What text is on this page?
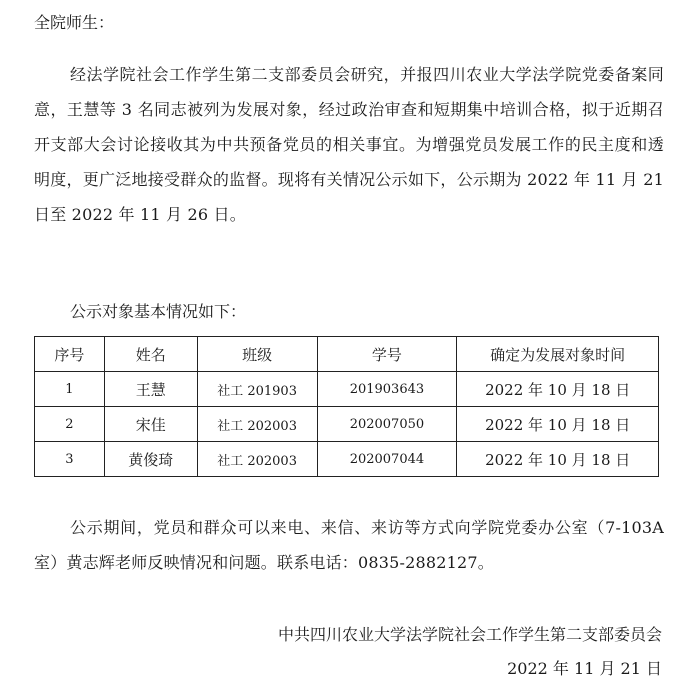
全院师生：

经法学院社会工作学生第二支部委员会研究，并报四川农业大学法学院党委备案同意，王慧等 3 名同志被列为发展对象，经过政治审查和短期集中培训合格，拟于近期召开支部大会讨论接收其为中共预备党员的相关事宜。为增强党员发展工作的民主度和透明度，更广泛地接受群众的监督。现将有关情况公示如下，公示期为 2022 年 11 月 21 日至 2022 年 11 月 26 日。

公示对象基本情况如下：
序号	姓名	班级	学号	确定为发展对象时间
1	王慧	社工 201903	201903643	2022 年 10 月 18 日
2	宋佳	社工 202003	202007050	2022 年 10 月 18 日
3	黄俊琦	社工 202003	202007044	2022 年 10 月 18 日

公示期间，党员和群众可以来电、来信、来访等方式向学院党委办公室（7-103A 室）黄志辉老师反映情况和问题。联系电话：0835-2882127。

中共四川农业大学法学院社会工作学生第二支部委员会
2022 年 11 月 21 日
